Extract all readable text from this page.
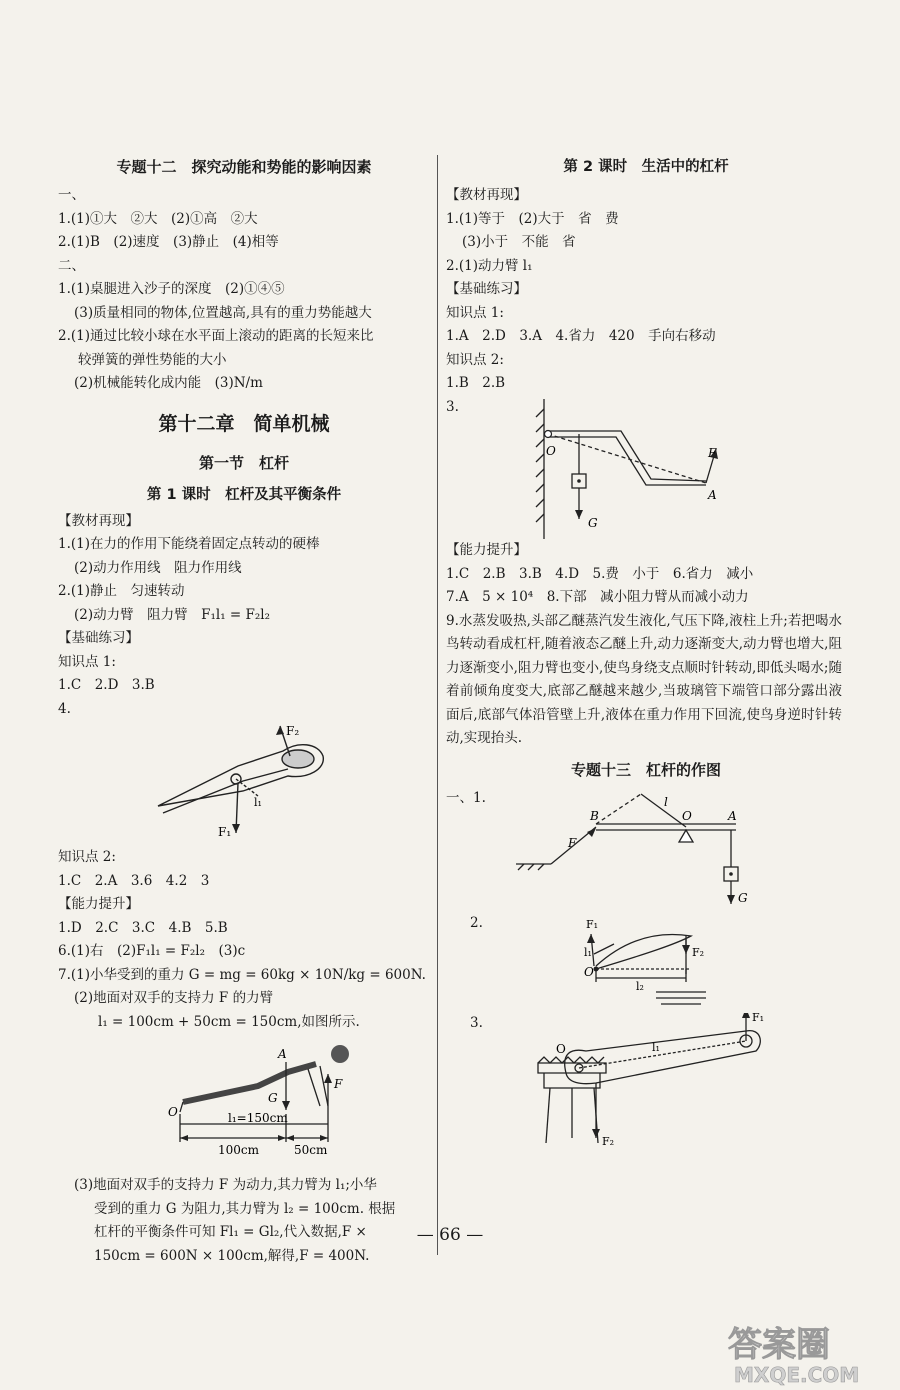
专题十二　探究动能和势能的影响因素
一、
1.(1)①大　②大　(2)①高　②大
2.(1)B　(2)速度　(3)静止　(4)相等
二、
1.(1)桌腿进入沙子的深度　(2)①④⑤
(3)质量相同的物体,位置越高,具有的重力势能越大
2.(1)通过比较小球在水平面上滚动的距离的长短来比
较弹簧的弹性势能的大小
(2)机械能转化成内能　(3)N/m
第十二章　简单机械
第一节　杠杆
第 1 课时　杠杆及其平衡条件
【教材再现】
1.(1)在力的作用下能绕着固定点转动的硬棒
(2)动力作用线　阻力作用线
2.(1)静止　匀速转动
(2)动力臂　阻力臂　F₁l₁ = F₂l₂
【基础练习】
知识点 1:
1.C　2.D　3.B
4.
F₂
F₁
l₁
知识点 2:
1.C　2.A　3.6　4.2　3
【能力提升】
1.D　2.C　3.C　4.B　5.B
6.(1)右　(2)F₁l₁ = F₂l₂　(3)c
7.(1)小华受到的重力 G = mg = 60kg × 10N/kg = 600N.
(2)地面对双手的支持力 F 的力臂
l₁ = 100cm + 50cm = 150cm,如图所示.
A
O
F
G
l₁=150cm
100cm	50cm
(3)地面对双手的支持力 F 为动力,其力臂为 l₁;小华
受到的重力 G 为阻力,其力臂为 l₂ = 100cm. 根据
杠杆的平衡条件可知 Fl₁ = Gl₂,代入数据,F ×
150cm = 600N × 100cm,解得,F = 400N.
第 2 课时　生活中的杠杆
【教材再现】
1.(1)等于　(2)大于　省　费
(3)小于　不能　省
2.(1)动力臂 l₁
【基础练习】
知识点 1:
1.A　2.D　3.A　4.省力　420　手向右移动
知识点 2:
1.B　2.B
3.
O
A
F
G
【能力提升】
1.C　2.B　3.B　4.D　5.费　小于　6.省力　减小
7.A　5 × 10⁴　8.下部　减小阻力臂从而减小动力
9.水蒸发吸热,头部乙醚蒸汽发生液化,气压下降,液柱上升;若把喝水鸟转动看成杠杆,随着液态乙醚上升,动力逐渐变大,动力臂也增大,阻力逐渐变小,阻力臂也变小,使鸟身绕支点顺时针转动,即低头喝水;随着前倾角度变大,底部乙醚越来越少,当玻璃管下端管口部分露出液面后,底部气体沿管壁上升,液体在重力作用下回流,使鸟身逆时针转动,实现抬头.
专题十三　杠杆的作图
一、1.
B	O	A
l
F
G
2.	F₁
F₂
l₁
l₂
O
3.	F₁
F₂
l₁
O
— 66 —
答案圈
MXQE.COM
